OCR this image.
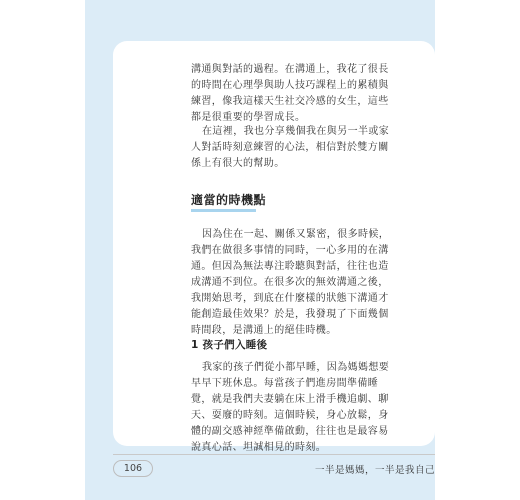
溝通與對話的過程。在溝通上，我花了很長的時間在心理學與助人技巧課程上的累積與練習，像我這樣天生社交冷感的女生，這些都是很重要的學習成長。

在這裡，我也分享幾個我在與另一半或家人對話時刻意練習的心法，相信對於雙方關係上有很大的幫助。

適當的時機點

因為住在一起、關係又緊密，很多時候，我們在做很多事情的同時，一心多用的在溝通。但因為無法專注聆聽與對話，往往也造成溝通不到位。在很多次的無效溝通之後，我開始思考，到底在什麼樣的狀態下溝通才能創造最佳效果？於是，我發現了下面幾個時間段，是溝通上的絕佳時機。

1 孩子們入睡後

我家的孩子們從小都早睡，因為媽媽想要早早下班休息。每當孩子們進房間準備睡覺，就是我們夫妻躺在床上滑手機追劇、聊天、耍廢的時刻。這個時候，身心放鬆，身體的副交感神經準備啟動，往往也是最容易說真心話、坦誠相見的時刻。

106	一半是媽媽，一半是我自己
